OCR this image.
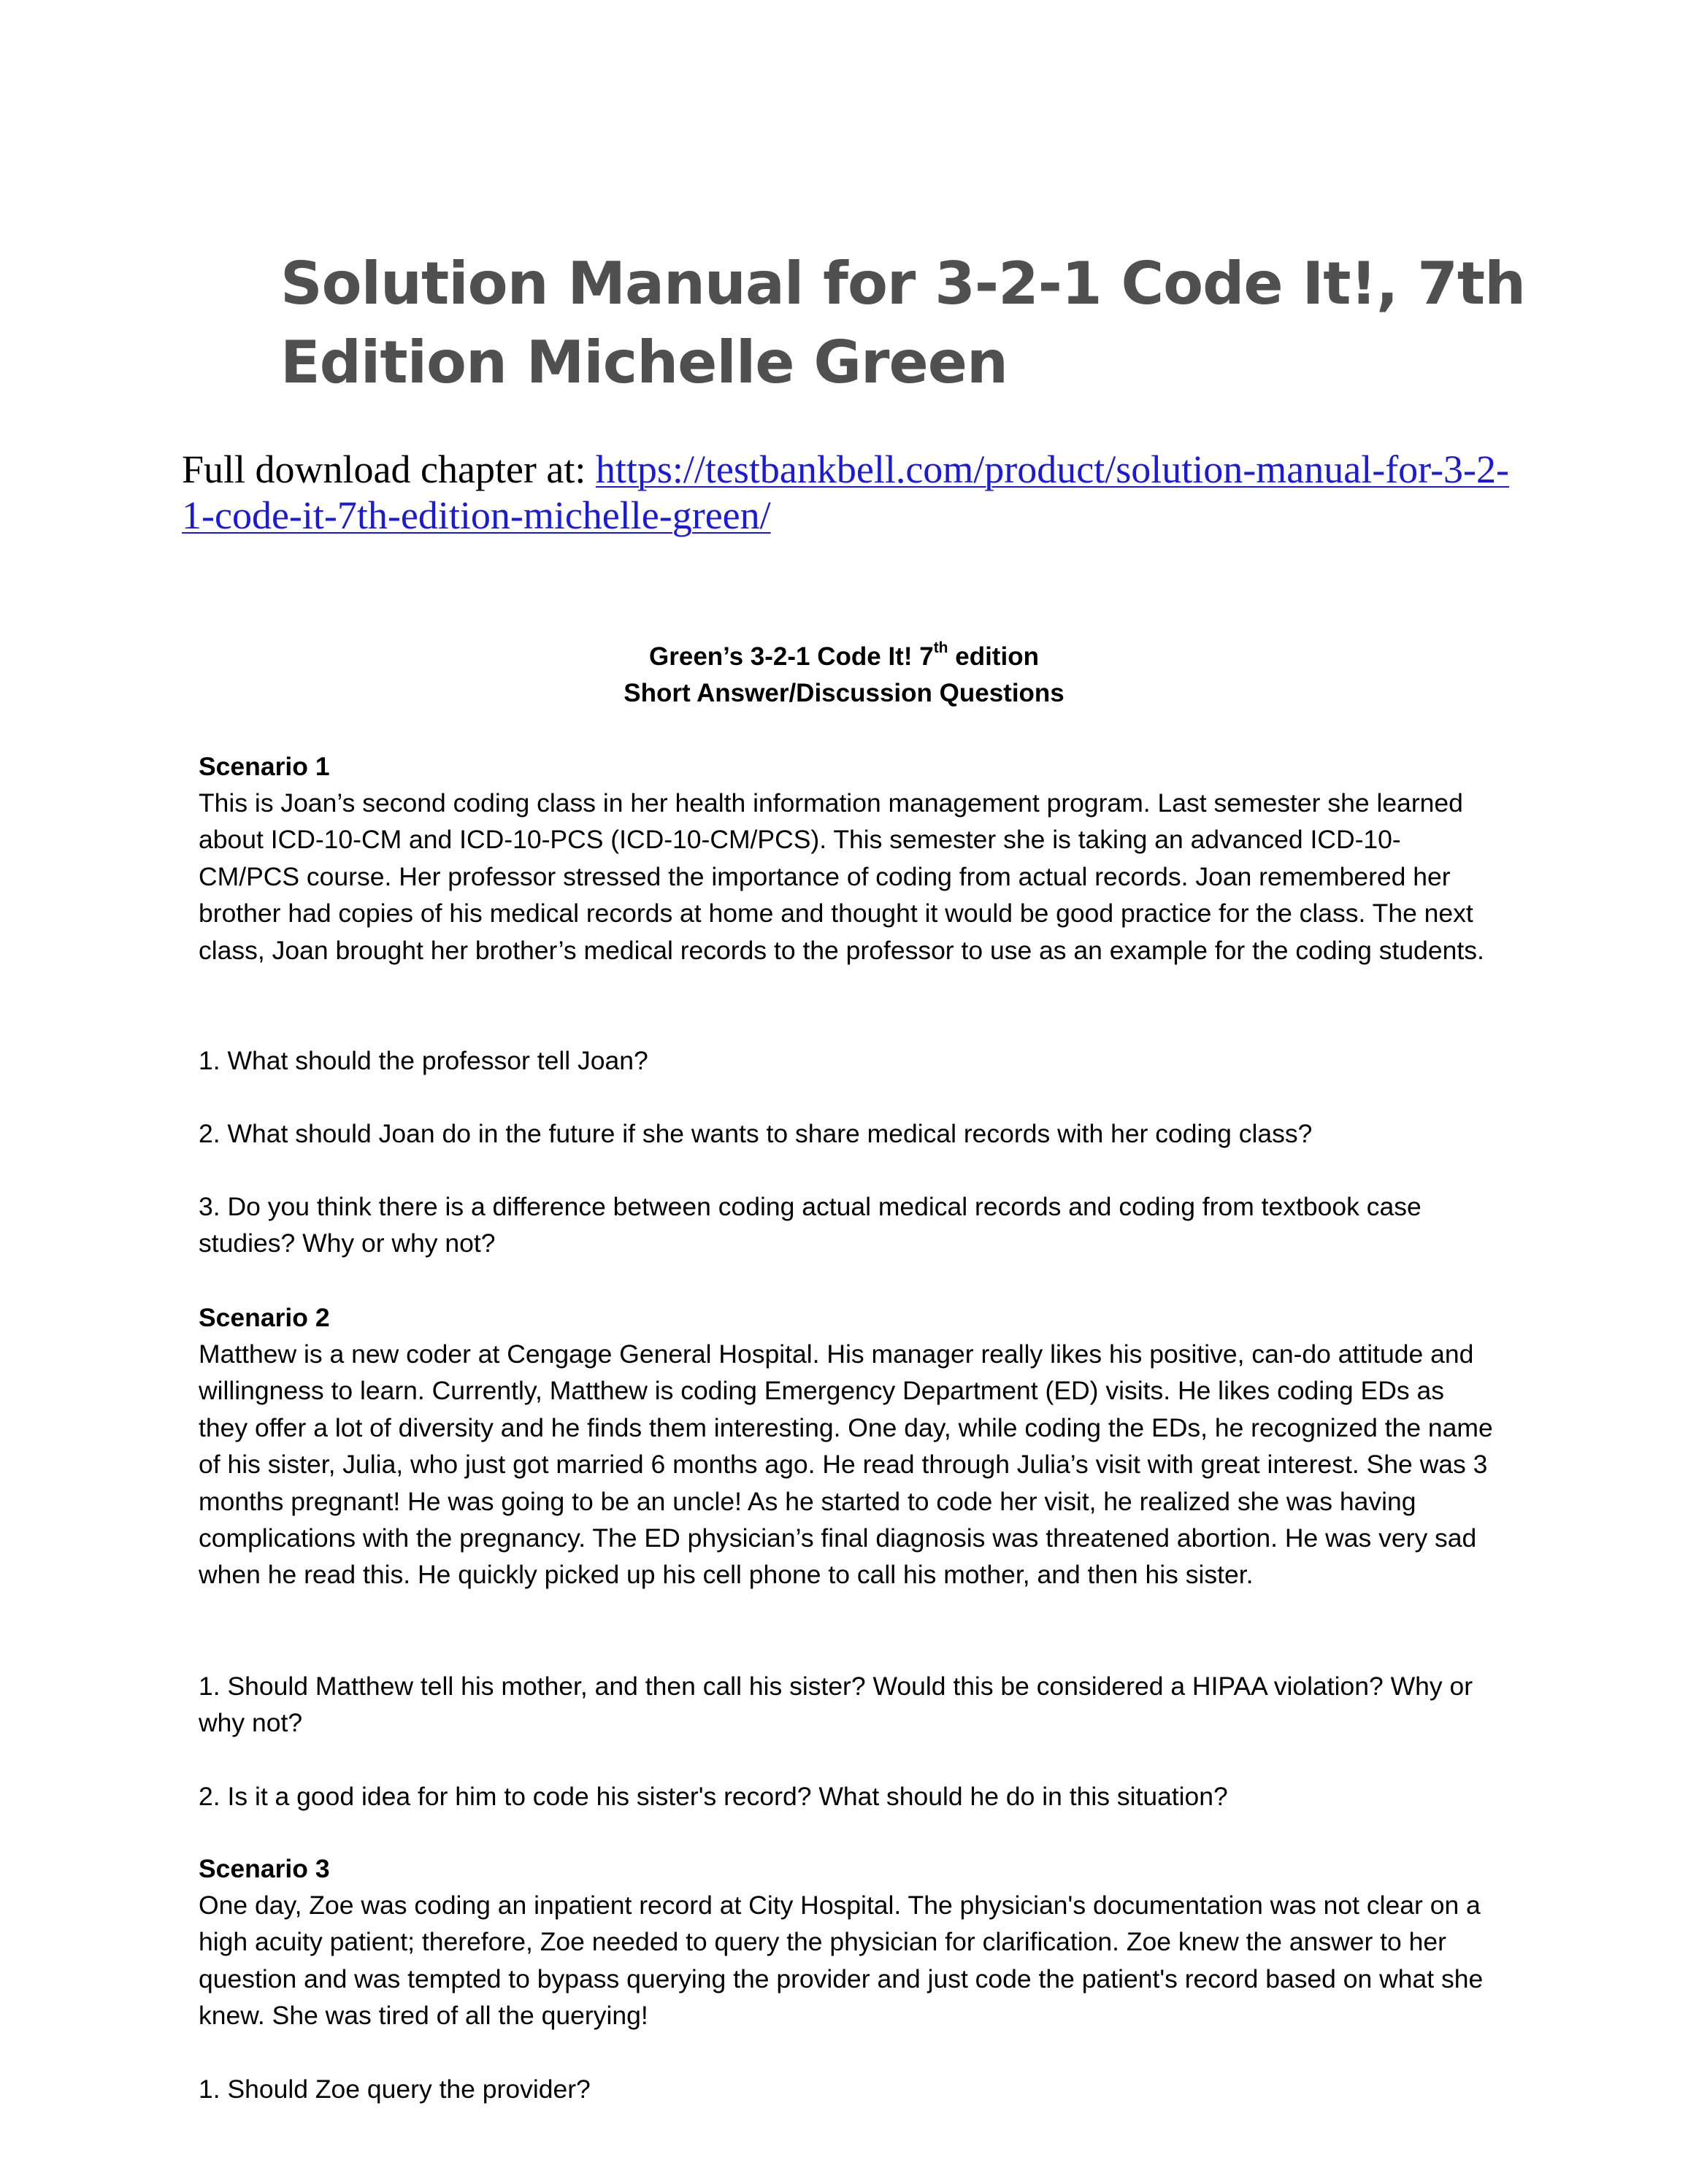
Solution Manual for 3-2-1 Code It!, 7th Edition Michelle Green
Full download chapter at: https://testbankbell.com/product/solution-manual-for-3-2-1-code-it-7th-edition-michelle-green/
Green’s 3-2-1 Code It! 7th edition
Short Answer/Discussion Questions
Scenario 1

This is Joan’s second coding class in her health information management program. Last semester she learned about ICD-10-CM and ICD-10-PCS (ICD-10-CM/PCS). This semester she is taking an advanced ICD-10-CM/PCS course. Her professor stressed the importance of coding from actual records. Joan remembered her brother had copies of his medical records at home and thought it would be good practice for the class. The next class, Joan brought her brother’s medical records to the professor to use as an example for the coding students.

1. What should the professor tell Joan?

2. What should Joan do in the future if she wants to share medical records with her coding class?

3. Do you think there is a difference between coding actual medical records and coding from textbook case studies? Why or why not?

Scenario 2

Matthew is a new coder at Cengage General Hospital. His manager really likes his positive, can-do attitude and willingness to learn. Currently, Matthew is coding Emergency Department (ED) visits. He likes coding EDs as they offer a lot of diversity and he finds them interesting. One day, while coding the EDs, he recognized the name of his sister, Julia, who just got married 6 months ago. He read through Julia’s visit with great interest. She was 3 months pregnant! He was going to be an uncle! As he started to code her visit, he realized she was having complications with the pregnancy. The ED physician’s final diagnosis was threatened abortion. He was very sad when he read this. He quickly picked up his cell phone to call his mother, and then his sister.

1. Should Matthew tell his mother, and then call his sister? Would this be considered a HIPAA violation? Why or why not?

2. Is it a good idea for him to code his sister's record? What should he do in this situation?

Scenario 3

One day, Zoe was coding an inpatient record at City Hospital. The physician's documentation was not clear on a high acuity patient; therefore, Zoe needed to query the physician for clarification. Zoe knew the answer to her question and was tempted to bypass querying the provider and just code the patient's record based on what she knew. She was tired of all the querying!

1. Should Zoe query the provider?
